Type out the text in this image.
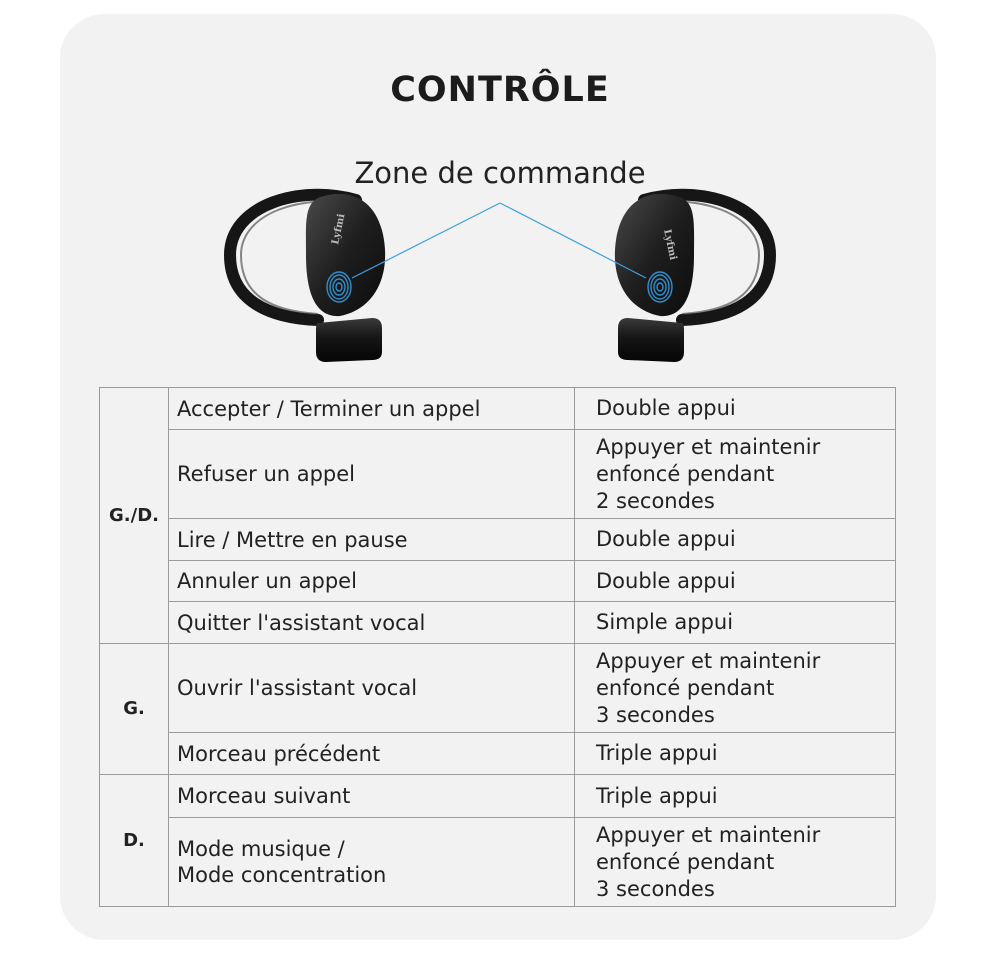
CONTRÔLE
Zone de commande
Lyfmi	Lyfmi
G./D.	Accepter / Terminer un appel	Double appui
	Refuser un appel	Appuyer et maintenir
enfoncé pendant
2 secondes
	Lire / Mettre en pause	Double appui
	Annuler un appel	Double appui
	Quitter l'assistant vocal	Simple appui
G.	Ouvrir l'assistant vocal	Appuyer et maintenir
enfoncé pendant
3 secondes
	Morceau précédent	Triple appui
D.	Morceau suivant	Triple appui
	Mode musique /
Mode concentration	Appuyer et maintenir
enfoncé pendant
3 secondes
